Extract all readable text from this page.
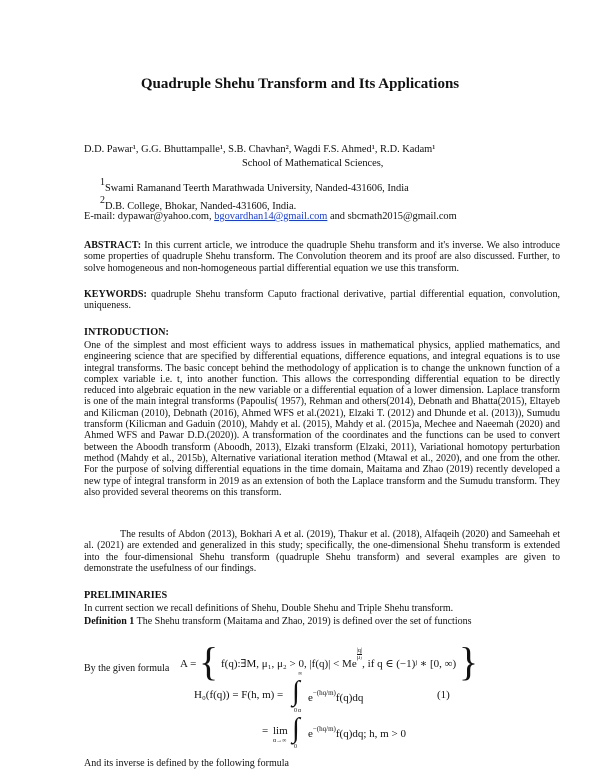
Quadruple Shehu Transform and Its Applications
D.D. Pawar¹, G.G. Bhuttampalle¹, S.B. Chavhan², Wagdi F.S. Ahmed¹, R.D. Kadam¹
School of Mathematical Sciences,
$^1$Swami Ramanand Teerth Marathwada University, Nanded-431606, India
$^2$D.B. College, Bhokar, Nanded-431606, India.
E-mail: dypawar@yahoo.com, bgovardhan14@gmail.com and sbcmath2015@gmail.com
ABSTRACT: In this current article, we introduce the quadruple Shehu transform and it's inverse. We also introduce some properties of quadruple Shehu transform. The Convolution theorem and its proof are also discussed. Further, to solve homogeneous and non-homogeneous partial differential equation we use this transform.
KEYWORDS: quadruple Shehu transform Caputo fractional derivative, partial differential equation, convolution, uniqueness.
INTRODUCTION:
One of the simplest and most efficient ways to address issues in mathematical physics, applied mathematics, and engineering science that are specified by differential equations, difference equations, and integral equations is to use integral transforms. The basic concept behind the methodology of application is to change the unknown function of a complex variable i.e. t, into another function. This allows the corresponding differential equation to be directly reduced into algebraic equation in the new variable or a differential equation of a lower dimension. Laplace transform is one of the main integral transforms (Papoulis( 1957), Rehman and others(2014), Debnath and Bhatta(2015), Eltayeb and Kilicman (2010), Debnath (2016), Ahmed WFS et al.(2021), Elzaki T. (2012) and Dhunde et al. (2013)), Sumudu transform (Kilicman and Gaduin (2010), Mahdy et al. (2015), Mahdy et al. (2015)a, Mechee and Naeemah (2020) and Ahmed WFS and Pawar D.D.(2020)). A transformation of the coordinates and the functions can be used to convert between the Aboodh transform (Aboodh, 2013), Elzaki transform (Elzaki, 2011), Variational homotopy perturbation method (Mahdy et al., 2015b), Alternative variational iteration method (Mtawal et al., 2020), and one from the other. For the purpose of solving differential equations in the time domain, Maitama and Zhao (2019) recently developed a new type of integral transform in 2019 as an extension of both the Laplace transform and the Sumudu transform. They also provided several theorems on this transform.
The results of Abdon (2013), Bokhari A et al. (2019), Thakur et al. (2018), Alfaqeih (2020) and Sameehah et al. (2021) are extended and generalized in this study; specifically, the one-dimensional Shehu transform is extended into the four-dimensional Shehu transform (quadruple Shehu transform) and several examples are given to demonstrate the usefulness of our findings.
PRELIMINARIES
In current section we recall definitions of Shehu, Double Shehu and Triple Shehu transform.
Definition 1 The Shehu transform (Maitama and Zhao, 2019) is defined over the set of functions
A = { f(q):∃M, μ₁, μ₂ > 0, |f(q)| < Me
$\frac{|q|}{\text{μⱼ}}$
, if q ∈ (−1)ʲ ∗ [0, ∞) }
By the given formula
H₀(f(q)) = F(h, m) =
∞
∫
0
$e^{-(hq/m)}f(q)dq$	(1)
= lim
α→∞
α
∫
0
$e^{-(hq/m)}f(q)dq$; h, m > 0
And its inverse is defined by the following formula
